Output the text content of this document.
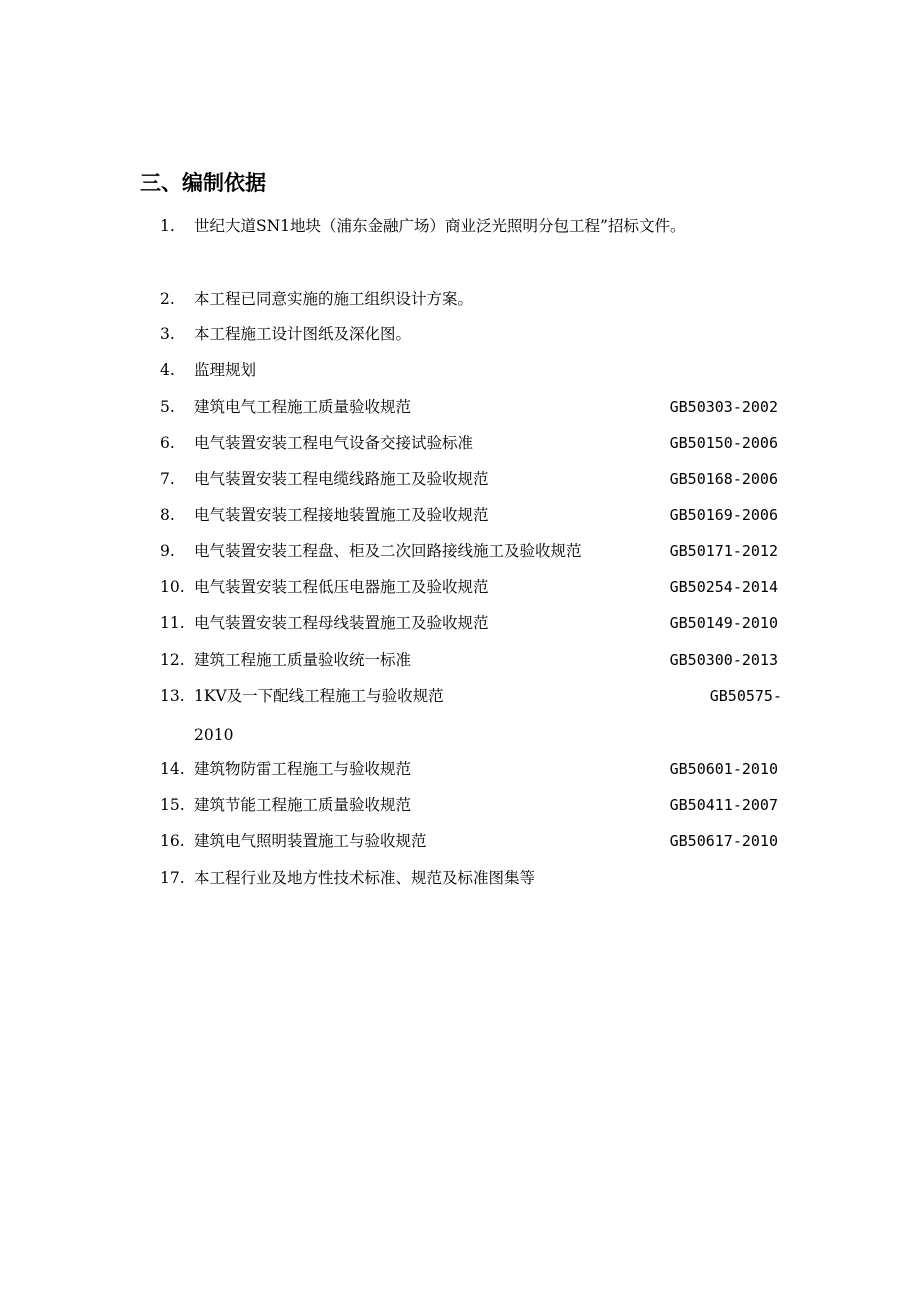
三、编制依据
1. 世纪大道SN1地块（浦东金融广场）商业泛光照明分包工程”招标文件。
2. 本工程已同意实施的施工组织设计方案。
3. 本工程施工设计图纸及深化图。
4. 监理规划
5. 建筑电气工程施工质量验收规范	GB50303-2002
6. 电气装置安装工程电气设备交接试验标准	GB50150-2006
7. 电气装置安装工程电缆线路施工及验收规范	GB50168-2006
8. 电气装置安装工程接地装置施工及验收规范	GB50169-2006
9. 电气装置安装工程盘、柜及二次回路接线施工及验收规范	GB50171-2012
10. 电气装置安装工程低压电器施工及验收规范	GB50254-2014
11. 电气装置安装工程母线装置施工及验收规范	GB50149-2010
12. 建筑工程施工质量验收统一标准	GB50300-2013
13. 1KV及一下配线工程施工与验收规范	GB50575-
2010
14. 建筑物防雷工程施工与验收规范	GB50601-2010
15. 建筑节能工程施工质量验收规范	GB50411-2007
16. 建筑电气照明装置施工与验收规范	GB50617-2010
17. 本工程行业及地方性技术标准、规范及标准图集等
